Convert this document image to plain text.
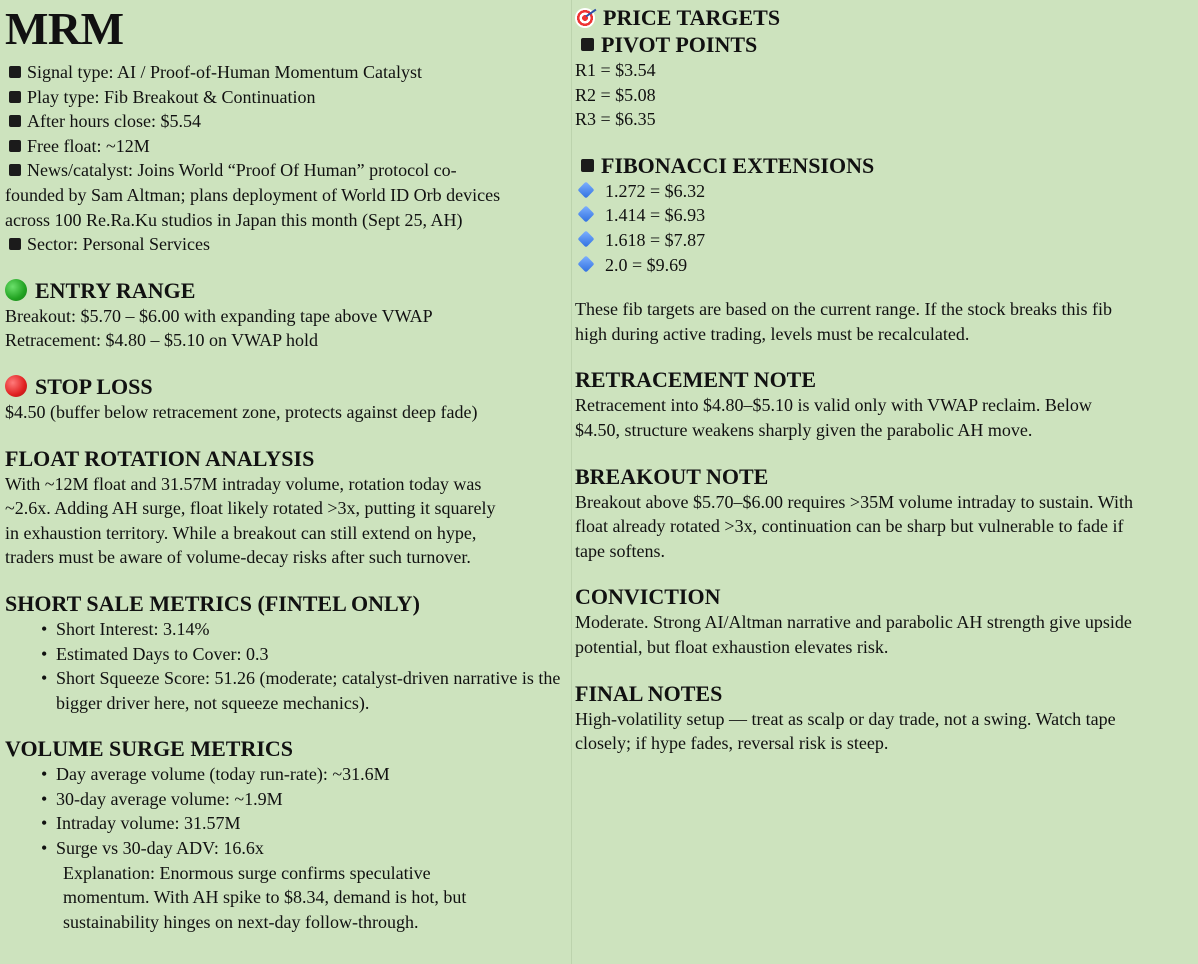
MRM
Signal type: AI / Proof-of-Human Momentum Catalyst
Play type: Fib Breakout & Continuation
After hours close: $5.54
Free float: ~12M
News/catalyst: Joins World “Proof Of Human” protocol co-
founded by Sam Altman; plans deployment of World ID Orb devices
across 100 Re.Ra.Ku studios in Japan this month (Sept 25, AH)
Sector: Personal Services
ENTRY RANGE
Breakout: $5.70 – $6.00 with expanding tape above VWAP
Retracement: $4.80 – $5.10 on VWAP hold
STOP LOSS
$4.50 (buffer below retracement zone, protects against deep fade)
FLOAT ROTATION ANALYSIS
With ~12M float and 31.57M intraday volume, rotation today was
~2.6x. Adding AH surge, float likely rotated >3x, putting it squarely
in exhaustion territory. While a breakout can still extend on hype,
traders must be aware of volume-decay risks after such turnover.
SHORT SALE METRICS (FINTEL ONLY)
• Short Interest: 3.14%
• Estimated Days to Cover: 0.3
• Short Squeeze Score: 51.26 (moderate; catalyst-driven narrative is the bigger driver here, not squeeze mechanics).
VOLUME SURGE METRICS
• Day average volume (today run-rate): ~31.6M
• 30-day average volume: ~1.9M
• Intraday volume: 31.57M
• Surge vs 30-day ADV: 16.6x
Explanation: Enormous surge confirms speculative
momentum. With AH spike to $8.34, demand is hot, but
sustainability hinges on next-day follow-through.
PRICE TARGETS
PIVOT POINTS
R1 = $3.54
R2 = $5.08
R3 = $6.35
FIBONACCI EXTENSIONS
1.272 = $6.32
1.414 = $6.93
1.618 = $7.87
2.0 = $9.69
These fib targets are based on the current range. If the stock breaks this fib
high during active trading, levels must be recalculated.
RETRACEMENT NOTE
Retracement into $4.80–$5.10 is valid only with VWAP reclaim. Below
$4.50, structure weakens sharply given the parabolic AH move.
BREAKOUT NOTE
Breakout above $5.70–$6.00 requires >35M volume intraday to sustain. With
float already rotated >3x, continuation can be sharp but vulnerable to fade if
tape softens.
CONVICTION
Moderate. Strong AI/Altman narrative and parabolic AH strength give upside
potential, but float exhaustion elevates risk.
FINAL NOTES
High-volatility setup — treat as scalp or day trade, not a swing. Watch tape
closely; if hype fades, reversal risk is steep.
